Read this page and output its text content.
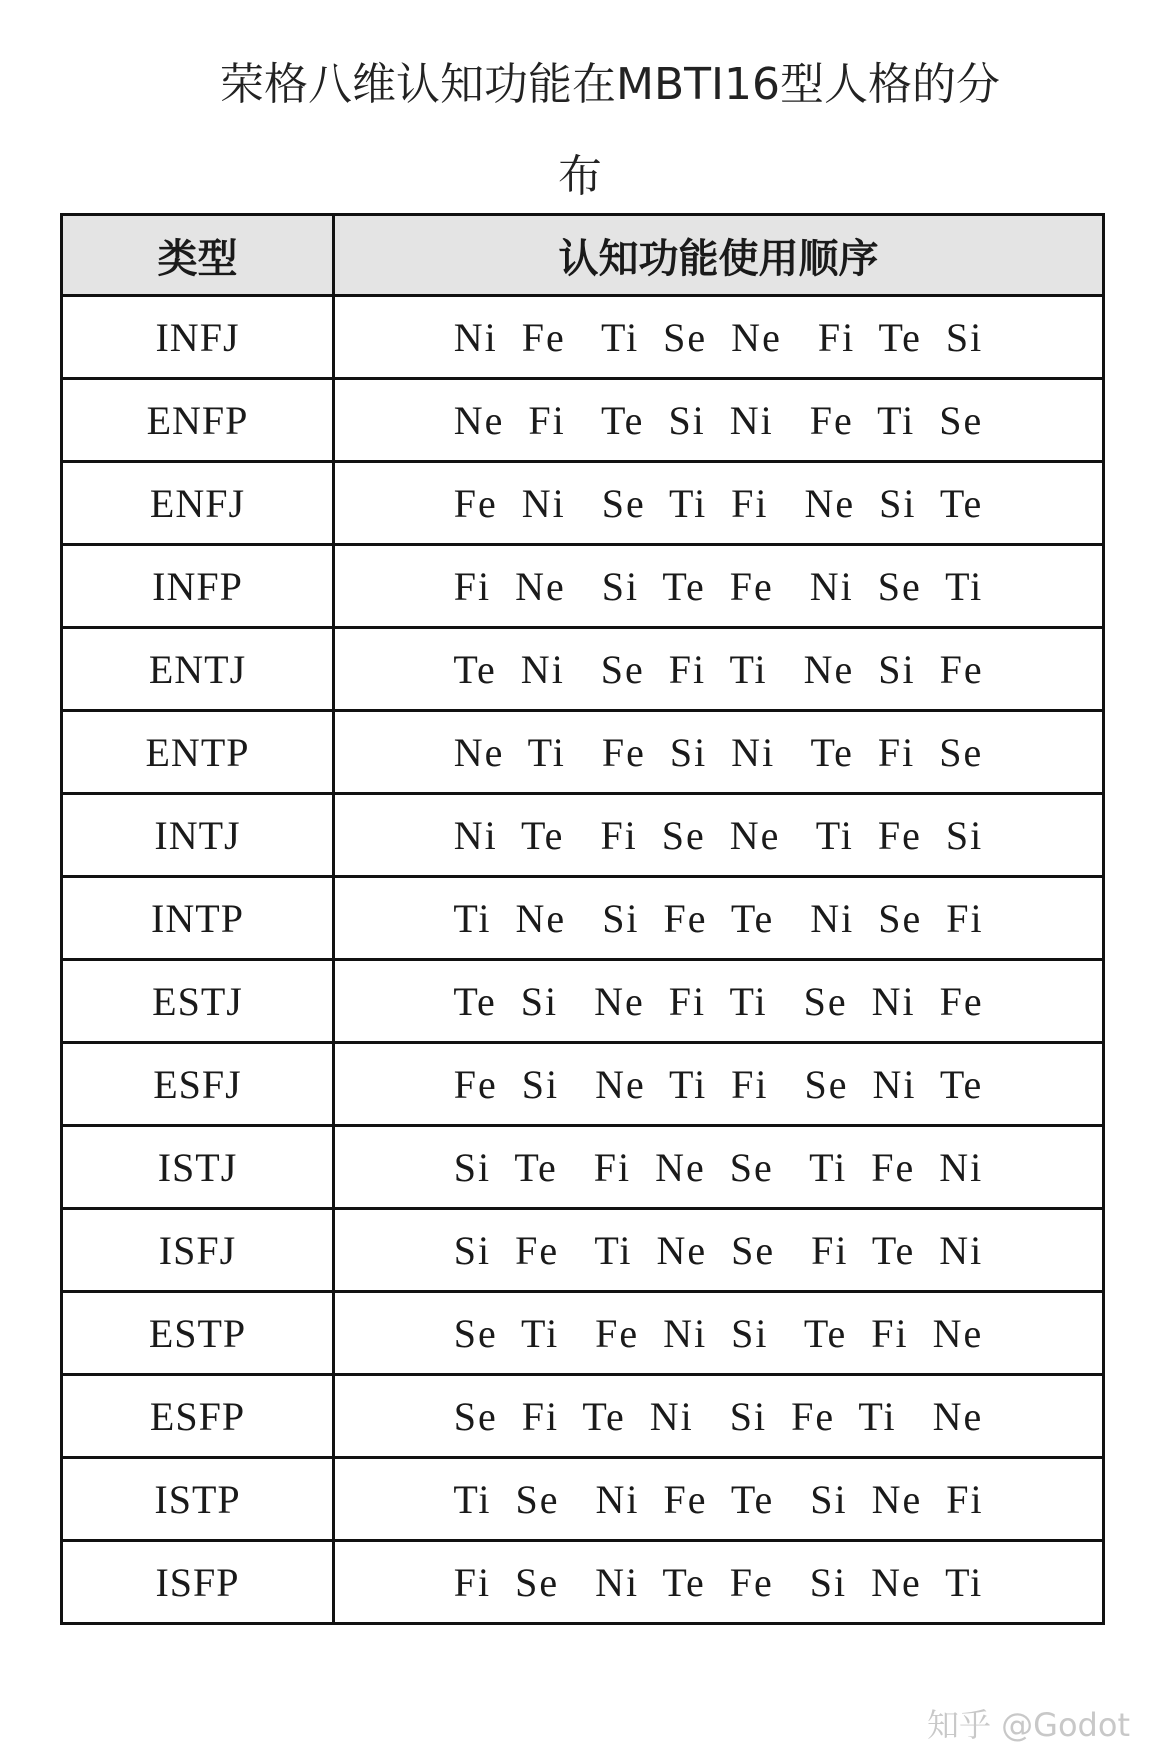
荣格八维认知功能在MBTI16型人格的分
布
类型	认知功能使用顺序
INFJ	Ni  Fe   Ti  Se  Ne   Fi  Te  Si
ENFP	Ne  Fi   Te  Si  Ni   Fe  Ti  Se
ENFJ	Fe  Ni   Se  Ti  Fi   Ne  Si  Te
INFP	Fi  Ne   Si  Te  Fe   Ni  Se  Ti
ENTJ	Te  Ni   Se  Fi  Ti   Ne  Si  Fe
ENTP	Ne  Ti   Fe  Si  Ni   Te  Fi  Se
INTJ	Ni  Te   Fi  Se  Ne   Ti  Fe  Si
INTP	Ti  Ne   Si  Fe  Te   Ni  Se  Fi
ESTJ	Te  Si   Ne  Fi  Ti   Se  Ni  Fe
ESFJ	Fe  Si   Ne  Ti  Fi   Se  Ni  Te
ISTJ	Si  Te   Fi  Ne  Se   Ti  Fe  Ni
ISFJ	Si  Fe   Ti  Ne  Se   Fi  Te  Ni
ESTP	Se  Ti   Fe  Ni  Si   Te  Fi  Ne
ESFP	Se  Fi  Te  Ni   Si  Fe  Ti   Ne
ISTP	Ti  Se   Ni  Fe  Te   Si  Ne  Fi
ISFP	Fi  Se   Ni  Te  Fe   Si  Ne  Ti
知乎 @Godot
